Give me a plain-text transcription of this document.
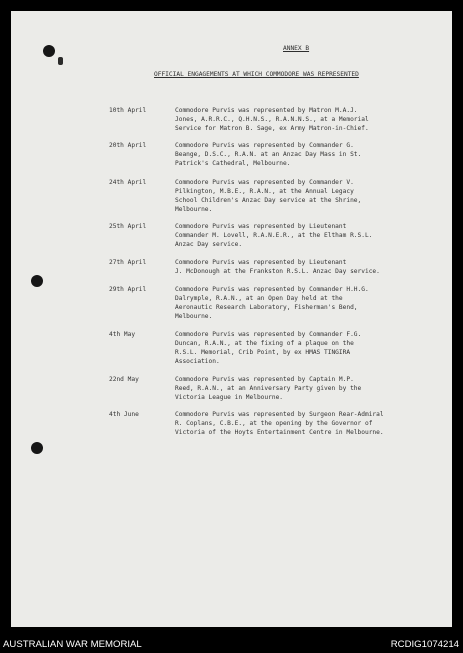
ANNEX B
OFFICIAL ENGAGEMENTS AT WHICH COMMODORE WAS REPRESENTED
10th April	Commodore Purvis was represented by Matron M.A.J.
Jones, A.R.R.C., Q.H.N.S., R.A.N.N.S., at a Memorial
Service for Matron B. Sage, ex Army Matron-in-Chief.
20th April	Commodore Purvis was represented by Commander G.
Beange, D.S.C., R.A.N. at an Anzac Day Mass in St.
Patrick's Cathedral, Melbourne.
24th April	Commodore Purvis was represented by Commander V.
Pilkington, M.B.E., R.A.N., at the Annual Legacy
School Children's Anzac Day service at the Shrine,
Melbourne.
25th April	Commodore Purvis was represented by Lieutenant
Commander M. Lovell, R.A.N.E.R., at the Eltham R.S.L.
Anzac Day service.
27th April	Commodore Purvis was represented by Lieutenant
J. McDonough at the Frankston R.S.L. Anzac Day service.
29th April	Commodore Purvis was represented by Commander H.H.G.
Dalrymple, R.A.N., at an Open Day held at the
Aeronautic Research Laboratory, Fisherman's Bend,
Melbourne.
4th May	Commodore Purvis was represented by Commander F.G.
Duncan, R.A.N., at the fixing of a plaque on the
R.S.L. Memorial, Crib Point, by ex HMAS TINGIRA
Association.
22nd May	Commodore Purvis was represented by Captain M.P.
Reed, R.A.N., at an Anniversary Party given by the
Victoria League in Melbourne.
4th June	Commodore Purvis was represented by Surgeon Rear-Admiral
R. Coplans, C.B.E., at the opening by the Governor of
Victoria of the Hoyts Entertainment Centre in Melbourne.
AUSTRALIAN WAR MEMORIAL	RCDIG1074214
